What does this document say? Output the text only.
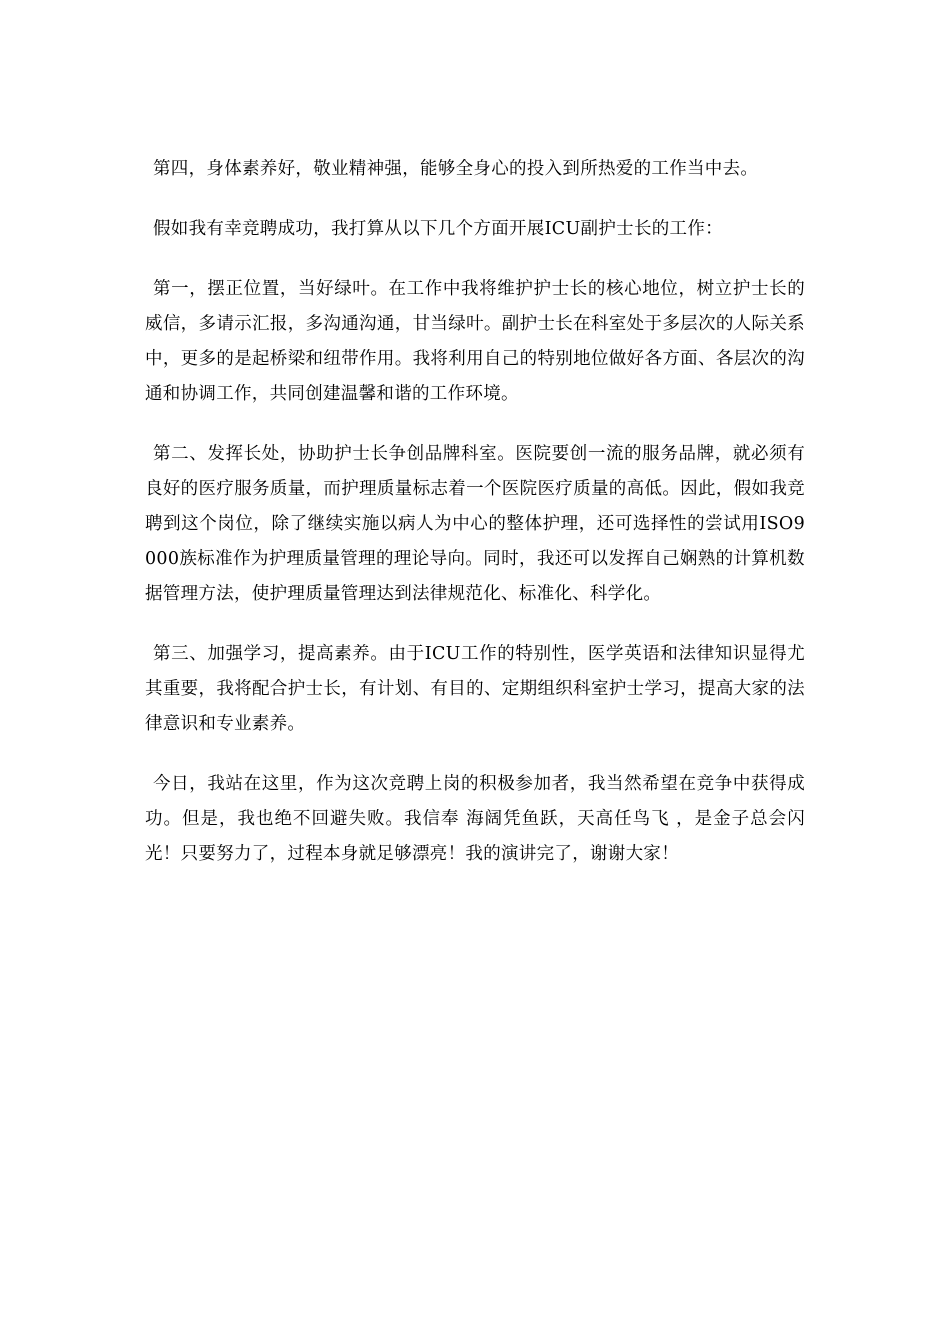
第四，身体素养好，敬业精神强，能够全身心的投入到所热爱的工作当中去。

假如我有幸竞聘成功，我打算从以下几个方面开展ICU副护士长的工作：

第一，摆正位置，当好绿叶。在工作中我将维护护士长的核心地位，树立护士长的威信，多请示汇报，多沟通沟通，甘当绿叶。副护士长在科室处于多层次的人际关系中，更多的是起桥梁和纽带作用。我将利用自己的特别地位做好各方面、各层次的沟通和协调工作，共同创建温馨和谐的工作环境。

第二、发挥长处，协助护士长争创品牌科室。医院要创一流的服务品牌，就必须有良好的医疗服务质量，而护理质量标志着一个医院医疗质量的高低。因此，假如我竞聘到这个岗位，除了继续实施以病人为中心的整体护理，还可选择性的尝试用ISO9000族标准作为护理质量管理的理论导向。同时，我还可以发挥自己娴熟的计算机数据管理方法，使护理质量管理达到法律规范化、标准化、科学化。

第三、加强学习，提高素养。由于ICU工作的特别性，医学英语和法律知识显得尤其重要，我将配合护士长，有计划、有目的、定期组织科室护士学习，提高大家的法律意识和专业素养。

今日，我站在这里，作为这次竞聘上岗的积极参加者，我当然希望在竞争中获得成功。但是，我也绝不回避失败。我信奉 海阔凭鱼跃，天高任鸟飞 ，是金子总会闪光！只要努力了，过程本身就足够漂亮！我的演讲完了，谢谢大家！
